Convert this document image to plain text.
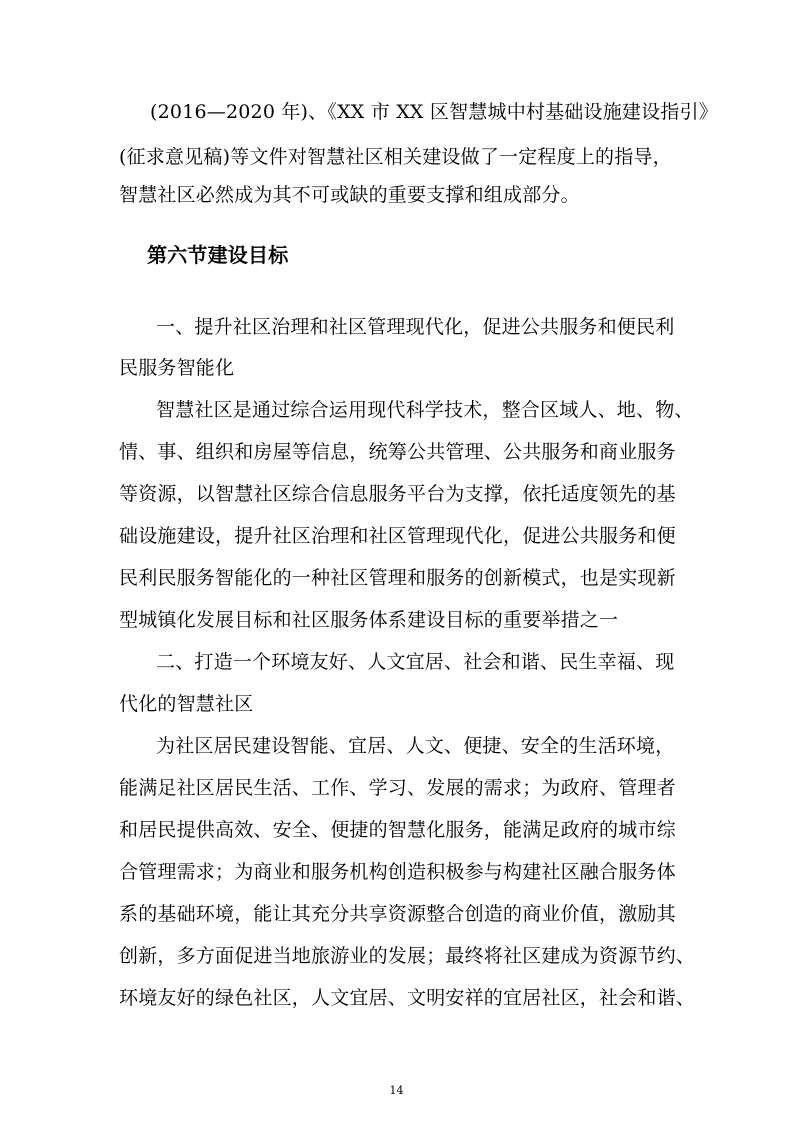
(2016—2020 年)、《XX 市 XX 区智慧城中村基础设施建设指引》

(征求意见稿)等文件对智慧社区相关建设做了一定程度上的指导，

智慧社区必然成为其不可或缺的重要支撑和组成部分。

第六节建设目标

一、提升社区治理和社区管理现代化，促进公共服务和便民利

民服务智能化

智慧社区是通过综合运用现代科学技术，整合区域人、地、物、

情、事、组织和房屋等信息，统筹公共管理、公共服务和商业服务

等资源，以智慧社区综合信息服务平台为支撑，依托适度领先的基

础设施建设，提升社区治理和社区管理现代化，促进公共服务和便

民利民服务智能化的一种社区管理和服务的创新模式，也是实现新

型城镇化发展目标和社区服务体系建设目标的重要举措之一

二、打造一个环境友好、人文宜居、社会和谐、民生幸福、现

代化的智慧社区

为社区居民建设智能、宜居、人文、便捷、安全的生活环境，

能满足社区居民生活、工作、学习、发展的需求；为政府、管理者

和居民提供高效、安全、便捷的智慧化服务，能满足政府的城市综

合管理需求；为商业和服务机构创造积极参与构建社区融合服务体

系的基础环境，能让其充分共享资源整合创造的商业价值，激励其

创新，多方面促进当地旅游业的发展；最终将社区建成为资源节约、

环境友好的绿色社区，人文宜居、文明安祥的宜居社区，社会和谐、

14
